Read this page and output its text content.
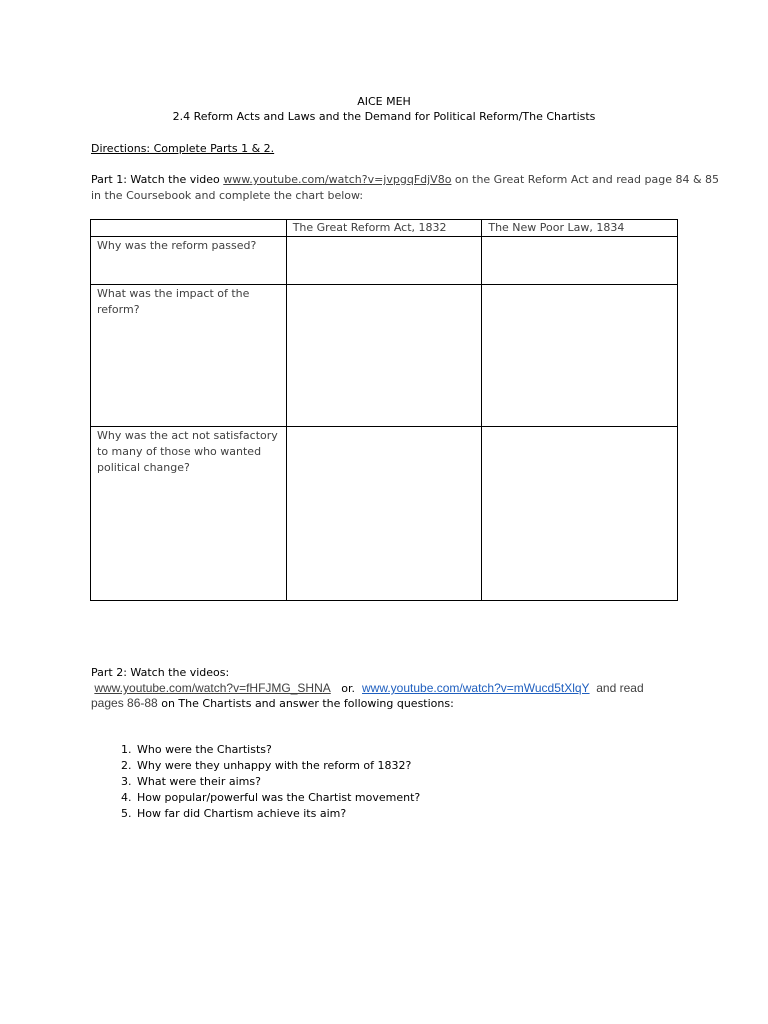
AICE MEH
2.4 Reform Acts and Laws and the Demand for Political Reform/The Chartists
Directions: Complete Parts 1 & 2.
Part 1: Watch the video www.youtube.com/watch?v=jvpgqFdjV8o on the Great Reform Act and read page 84 & 85
in the Coursebook and complete the chart below:
	The Great Reform Act, 1832	The New Poor Law, 1834
Why was the reform passed?		
What was the impact of the reform?		
Why was the act not satisfactory to many of those who wanted political change?		
Part 2: Watch the videos:
www.youtube.com/watch?v=fHFJMG_SHNA or. www.youtube.com/watch?v=mWucd5tXlqY and read
pages 86-88 on The Chartists and answer the following questions:
1. Who were the Chartists?
2. Why were they unhappy with the reform of 1832?
3. What were their aims?
4. How popular/powerful was the Chartist movement?
5. How far did Chartism achieve its aim?
